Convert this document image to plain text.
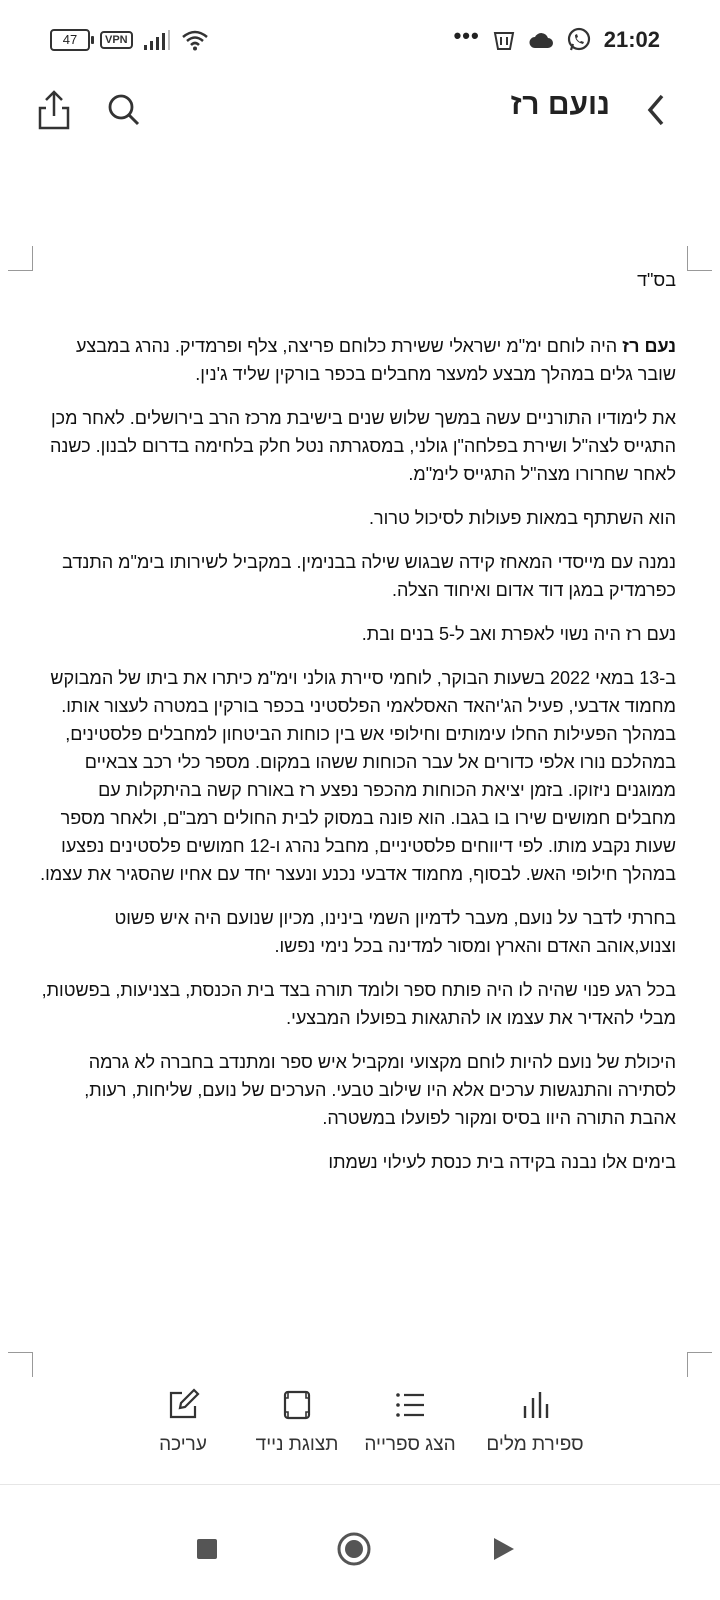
47	VPN	•••	21:02
נועם רז

בס"ד

נעם רז היה לוחם ימ"מ ישראלי ששירת כלוחם פריצה, צלף ופרמדיק. נהרג במבצע שובר גלים במהלך מבצע למעצר מחבלים בכפר בורקין שליד ג'נין.

את לימודיו התורניים עשה במשך שלוש שנים בישיבת מרכז הרב בירושלים. לאחר מכן התגייס לצה"ל ושירת בפלחה"ן גולני, במסגרתה נטל חלק בלחימה בדרום לבנון. כשנה לאחר שחרורו מצה"ל התגייס לימ"מ.

הוא השתתף במאות פעולות לסיכול טרור.

נמנה עם מייסדי המאחז קידה שבגוש שילה בבנימין. במקביל לשירותו בימ"מ התנדב כפרמדיק במגן דוד אדום ואיחוד הצלה.

נעם רז היה נשוי לאפרת ואב ל-5 בנים ובת.

ב-13 במאי 2022 בשעות הבוקר, לוחמי סיירת גולני וימ"מ כיתרו את ביתו של המבוקש מחמוד אדבעי, פעיל הג'יהאד האסלאמי הפלסטיני בכפר בורקין במטרה לעצור אותו. במהלך הפעילות החלו עימותים וחילופי אש בין כוחות הביטחון למחבלים פלסטינים, במהלכם נורו אלפי כדורים אל עבר הכוחות ששהו במקום. מספר כלי רכב צבאיים ממוגנים ניזוקו. בזמן יציאת הכוחות מהכפר נפצע רז באורח קשה בהיתקלות עם מחבלים חמושים שירו בו בגבו. הוא פונה במסוק לבית החולים רמב"ם, ולאחר מספר שעות נקבע מותו. לפי דיווחים פלסטיניים, מחבל נהרג ו-12 חמושים פלסטינים נפצעו במהלך חילופי האש. לבסוף, מחמוד אדבעי נכנע ונעצר יחד עם אחיו שהסגיר את עצמו.

בחרתי לדבר על נועם, מעבר לדמיון השמי בינינו, מכיון שנועם היה איש פשוט וצנוע,אוהב האדם והארץ ומסור למדינה בכל נימי נפשו.

בכל רגע פנוי שהיה לו היה פותח ספר ולומד תורה בצד בית הכנסת, בצניעות, בפשטות, מבלי להאדיר את עצמו או להתגאות בפועלו המבצעי.

היכולת של נועם להיות לוחם מקצועי ומקביל איש ספר ומתנדב בחברה לא גרמה לסתירה והתנגשות ערכים אלא היו שילוב טבעי. הערכים של נועם, שליחות, רעות, אהבת התורה היוו בסיס ומקור לפועלו במשטרה.

בימים אלו נבנה בקידה בית כנסת לעילוי נשמתו

עריכה	תצוגת נייד	הצג ספרייה	ספירת מלים
